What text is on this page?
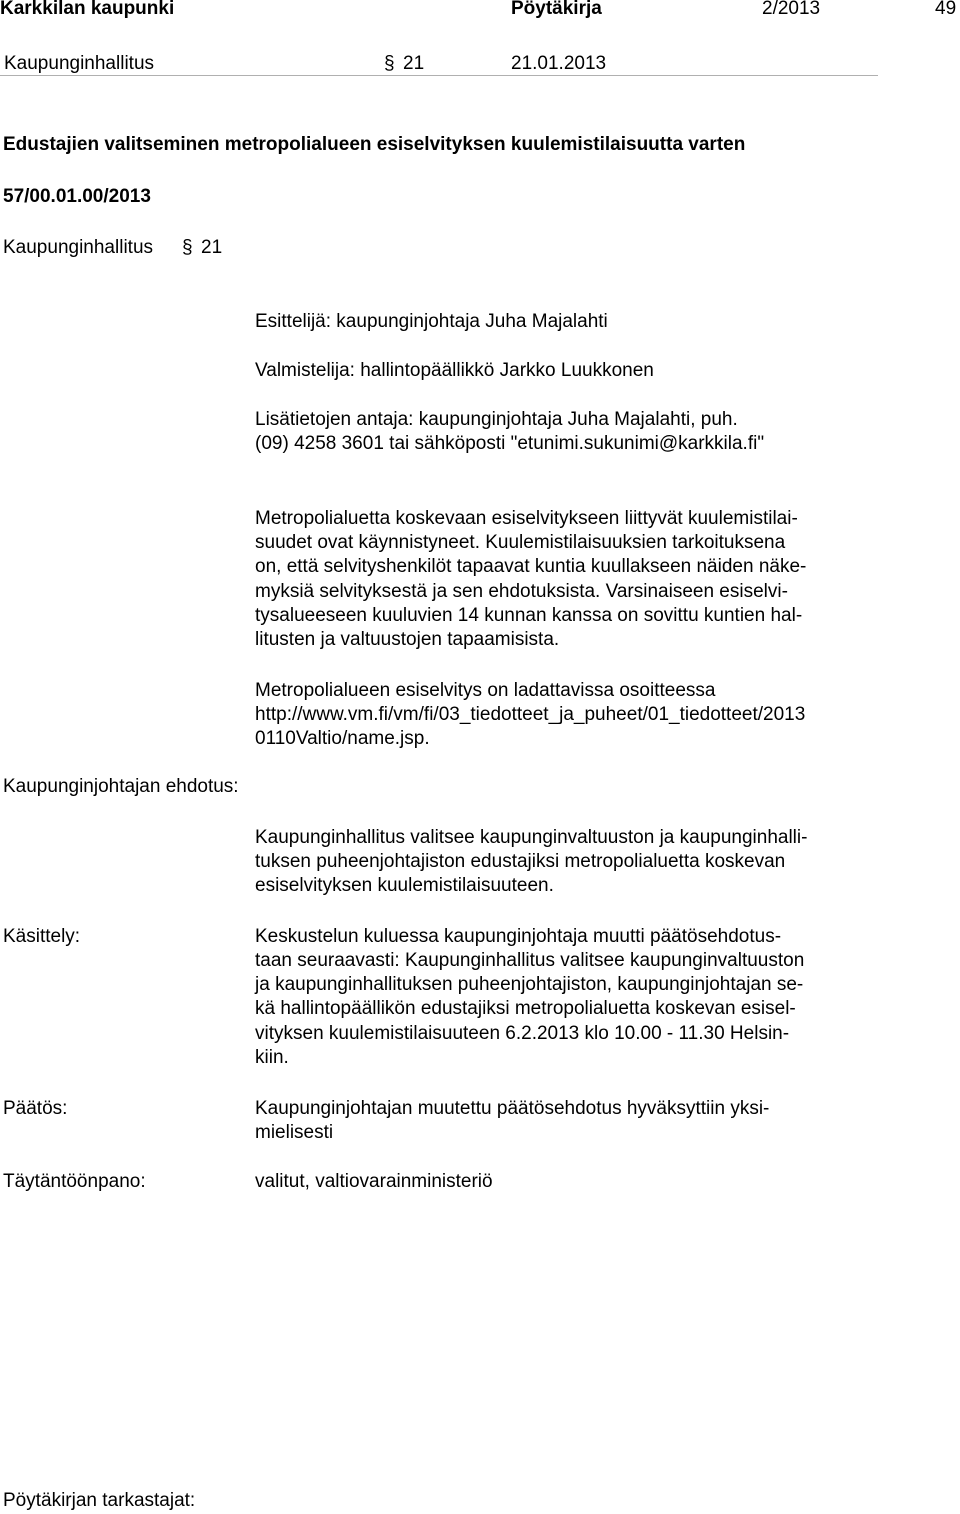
Karkkilan kaupunki	Pöytäkirja	2/2013	49
Kaupunginhallitus	§ 21	21.01.2013
Edustajien valitseminen metropolialueen esiselvityksen kuulemistilaisuutta varten
57/00.01.00/2013
Kaupunginhallitus § 21
Esittelijä: kaupunginjohtaja Juha Majalahti
Valmistelija: hallintopäällikkö Jarkko Luukkonen
Lisätietojen antaja: kaupunginjohtaja Juha Majalahti, puh.
(09) 4258 3601 tai sähköposti "etunimi.sukunimi@karkkila.fi"
Metropolialuetta koskevaan esiselvitykseen liittyvät kuulemistilai-
suudet ovat käynnistyneet. Kuulemistilaisuuksien tarkoituksena
on, että selvityshenkilöt tapaavat kuntia kuullakseen näiden näke-
myksiä selvityksestä ja sen ehdotuksista. Varsinaiseen esiselvi-
tysalueeseen kuuluvien 14 kunnan kanssa on sovittu kuntien hal-
litusten ja valtuustojen tapaamisista.
Metropolialueen esiselvitys on ladattavissa osoitteessa
http://www.vm.fi/vm/fi/03_tiedotteet_ja_puheet/01_tiedotteet/2013
0110Valtio/name.jsp.
Kaupunginjohtajan ehdotus:
Kaupunginhallitus valitsee kaupunginvaltuuston ja kaupunginhalli-
tuksen puheenjohtajiston edustajiksi metropolialuetta koskevan
esiselvityksen kuulemistilaisuuteen.
Käsittely:	Keskustelun kuluessa kaupunginjohtaja muutti päätösehdotus-
taan seuraavasti: Kaupunginhallitus valitsee kaupunginvaltuuston
ja kaupunginhallituksen puheenjohtajiston, kaupunginjohtajan se-
kä hallintopäällikön edustajiksi metropolialuetta koskevan esisel-
vityksen kuulemistilaisuuteen 6.2.2013 klo 10.00 - 11.30 Helsin-
kiin.
Päätös:	Kaupunginjohtajan muutettu päätösehdotus hyväksyttiin yksi-
mielisesti
Täytäntöönpano:	valitut, valtiovarainministeriö
Pöytäkirjan tarkastajat:
